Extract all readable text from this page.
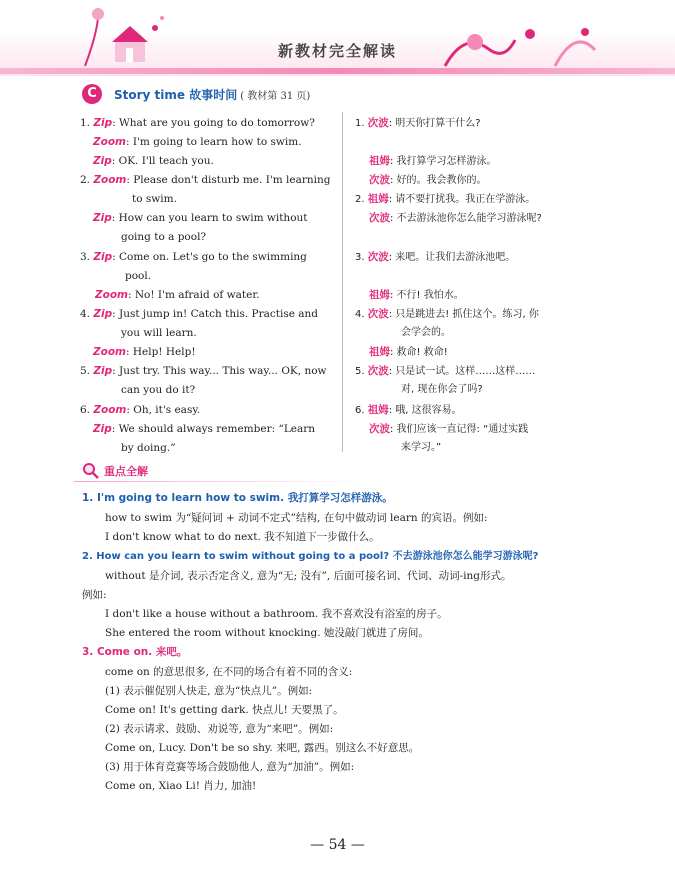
新教材完全解读
C	Story time 故事时间 ( 教材第 31 页)
1. Zip: What are you going to do tomorrow?
Zoom: I'm going to learn how to swim.
Zip: OK. I'll teach you.
2. Zoom: Please don't disturb me. I'm learning
to swim.
Zip: How can you learn to swim without
going to a pool?
3. Zip: Come on. Let's go to the swimming
pool.
Zoom: No! I'm afraid of water.
4. Zip: Just jump in! Catch this. Practise and
you will learn.
Zoom: Help! Help!
5. Zip: Just try. This way... This way... OK, now
can you do it?
6. Zoom: Oh, it's easy.
Zip: We should always remember: “Learn
by doing.”
1. 次波: 明天你打算干什么?
祖姆: 我打算学习怎样游泳。
次波: 好的。我会教你的。
2. 祖姆: 请不要打扰我。我正在学游泳。
次波: 不去游泳池你怎么能学习游泳呢?
3. 次波: 来吧。让我们去游泳池吧。
祖姆: 不行! 我怕水。
4. 次波: 只是跳进去! 抓住这个。练习, 你
会学会的。
祖姆: 救命! 救命!
5. 次波: 只是试一试。这样……这样……
对, 现在你会了吗?
6. 祖姆: 哦, 这很容易。
次波: 我们应该一直记得: “通过实践
来学习。”
重点全解
1. I'm going to learn how to swim. 我打算学习怎样游泳。
how to swim 为“疑问词 + 动词不定式”结构, 在句中做动词 learn 的宾语。例如:
I don't know what to do next. 我不知道下一步做什么。
2. How can you learn to swim without going to a pool? 不去游泳池你怎么能学习游泳呢?
without 是介词, 表示否定含义, 意为“无; 没有”, 后面可接名词、代词、动词-ing形式。
例如:
I don't like a house without a bathroom. 我不喜欢没有浴室的房子。
She entered the room without knocking. 她没敲门就进了房间。
3. Come on. 来吧。
come on 的意思很多, 在不同的场合有着不同的含义:
(1) 表示催促别人快走, 意为“快点儿”。例如:
Come on! It's getting dark. 快点儿! 天要黑了。
(2) 表示请求、鼓励、劝说等, 意为“来吧”。例如:
Come on, Lucy. Don't be so shy. 来吧, 露西。别这么不好意思。
(3) 用于体育竞赛等场合鼓励他人, 意为“加油”。例如:
Come on, Xiao Li! 肖力, 加油!
— 54 —
